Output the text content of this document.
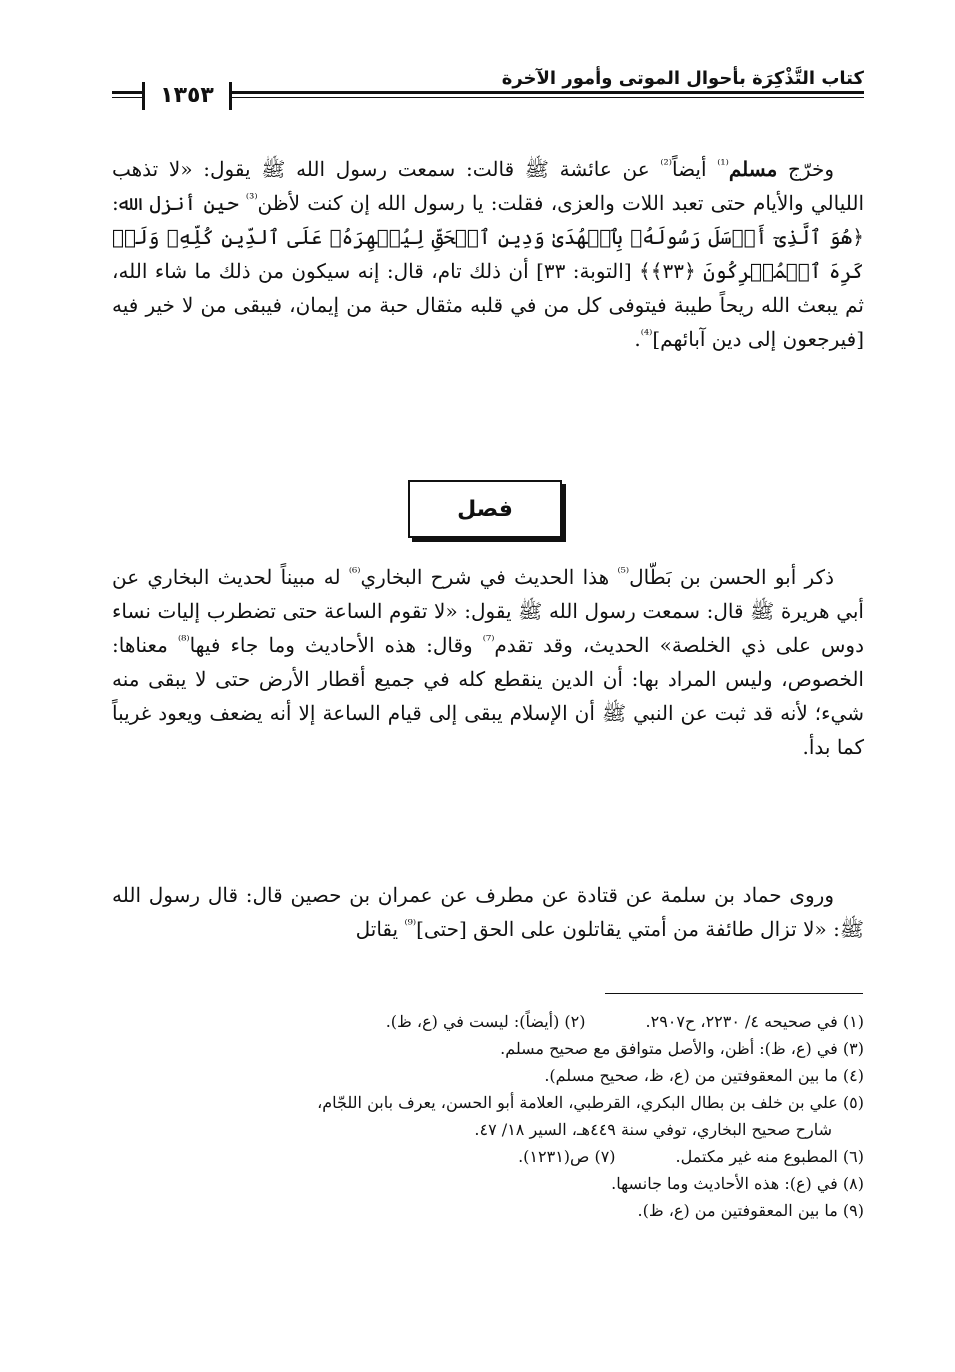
١٣٥٣
كتاب التَّذْكِرَة بأحوال الموتى وأمور الآخرة
وخرّج مسلم$^{^{(1)}}$ أيضاً$^{^{(2)}}$ عن عائشة ﷺ قالت: سمعت رسول الله ﷺ يقول: «لا تذهب الليالي والأيام حتى تعبد اللات والعزى، فقلت: يا رسول الله إن كنت لأظن$^{^{(3)}}$ حين أنزل الله: ﴿هُوَ ٱلَّذِىٓ أَرۡسَلَ رَسُولَهُۥ بِٱلۡهُدَىٰ وَدِينِ ٱلۡحَقِّ لِيُظۡهِرَهُۥ عَلَى ٱلدِّينِ كُلِّهِۦ وَلَوۡ كَرِهَ ٱلۡمُشۡرِكُونَ ﴿٣٣﴾﴾ [التوبة: ٣٣] أن ذلك تام، قال: إنه سيكون من ذلك ما شاء الله، ثم يبعث الله ريحاً طيبة فيتوفى كل من في قلبه مثقال حبة من إيمان، فيبقى من لا خير فيه [فيرجعون إلى دين آبائهم]$^{^{(4)}}$.
فصل
ذكر أبو الحسن بن بَطّال$^{^{(5)}}$ هذا الحديث في شرح البخاري$^{^{(6)}}$ له مبيناً لحديث البخاري عن أبي هريرة ﷺ قال: سمعت رسول الله ﷺ يقول: «لا تقوم الساعة حتى تضطرب إليات نساء دوس على ذي الخلصة» الحديث، وقد تقدم$^{^{(7)}}$ وقال: هذه الأحاديث وما جاء فيها$^{^{(8)}}$ معناها: الخصوص، وليس المراد بها: أن الدين ينقطع كله في جميع أقطار الأرض حتى لا يبقى منه شيء؛ لأنه قد ثبت عن النبي ﷺ أن الإسلام يبقى إلى قيام الساعة إلا أنه يضعف ويعود غريباً كما بدأ.
وروى حماد بن سلمة عن قتادة عن مطرف عن عمران بن حصين قال: قال رسول الله ﷺ: «لا تزال طائفة من أمتي يقاتلون على الحق [حتى]$^{^{(9)}}$ يقاتل
(١) في صحيحه ٤/ ٢٢٣٠، ح٢٩٠٧.(٢) (أيضاً): ليست في (ع، ظ).
(٣) في (ع، ظ): أظن، والأصل متوافق مع صحيح مسلم.
(٤) ما بين المعقوفتين من (ع، ظ، صحيح مسلم).
(٥) علي بن خلف بن بطال البكري، القرطبي، العلامة أبو الحسن، يعرف بابن اللجّام،
شارح صحيح البخاري، توفي سنة ٤٤٩هـ، السير ١٨/ ٤٧.
(٦) المطبوع منه غير مكتمل.(٧) ص(١٢٣١).
(٨) في (ع): هذه الأحاديث وما جانسها.
(٩) ما بين المعقوفتين من (ع، ظ).
